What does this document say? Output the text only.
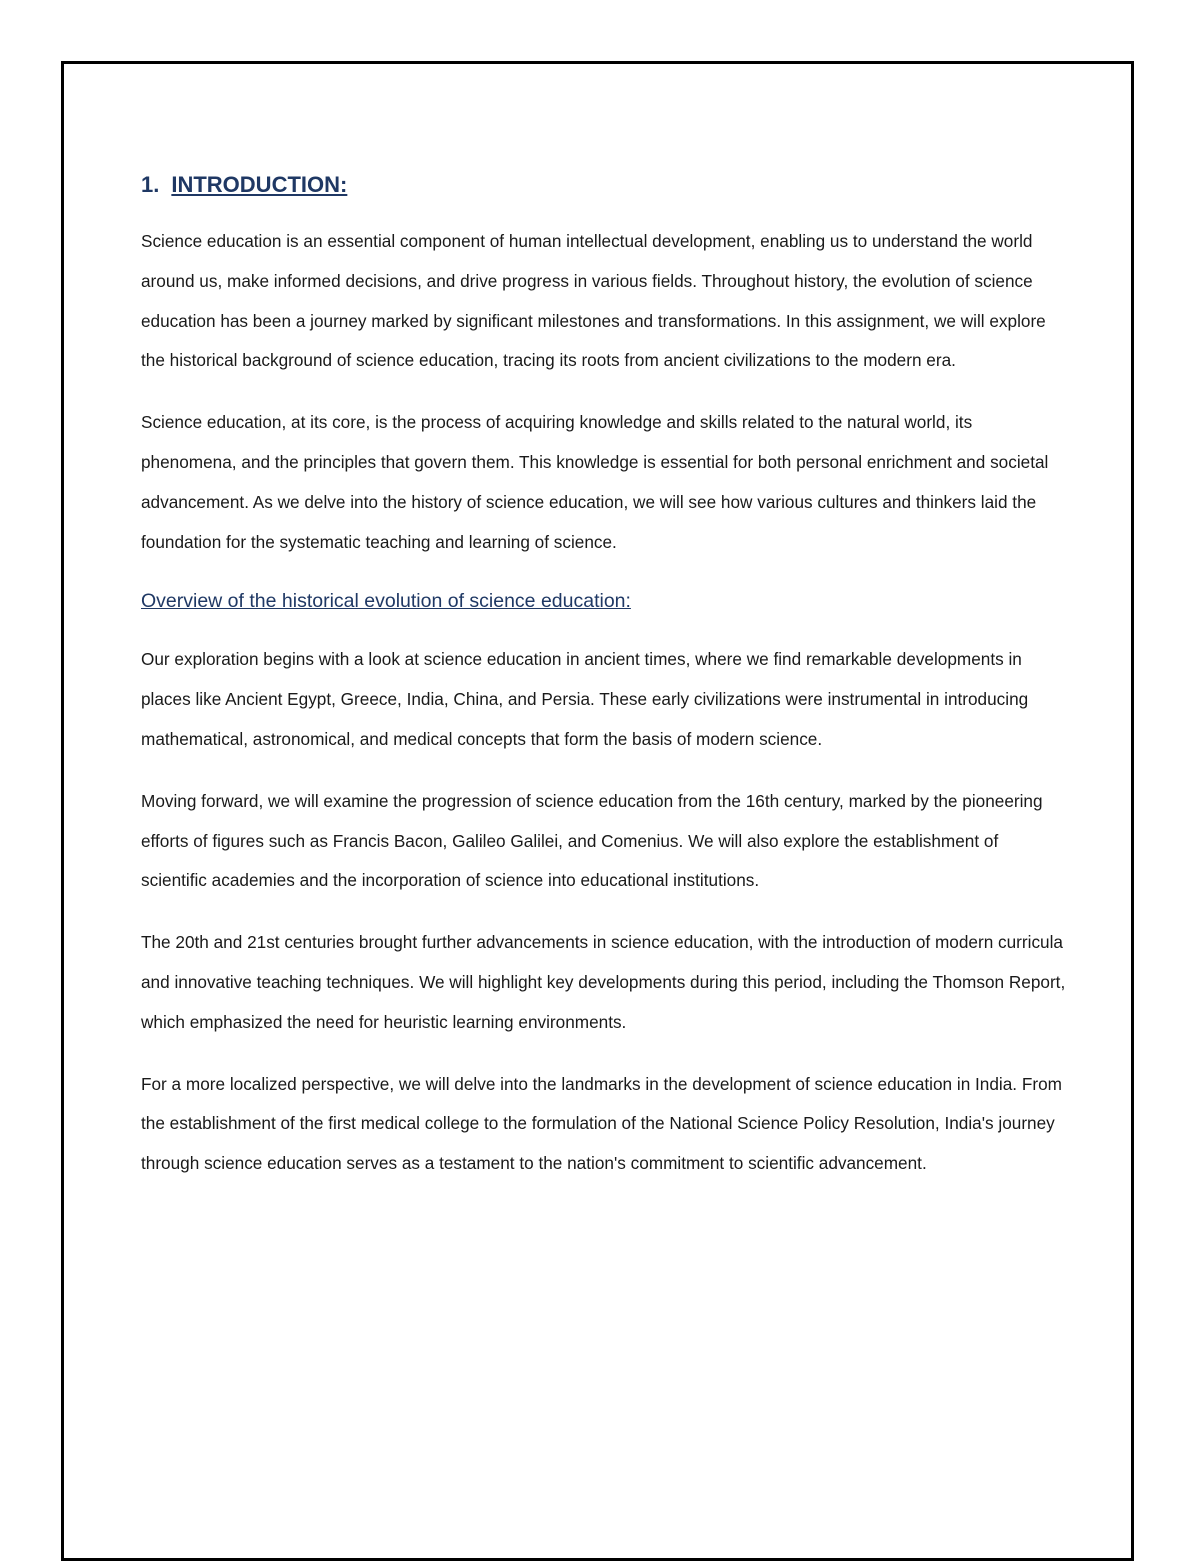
1. INTRODUCTION:

Science education is an essential component of human intellectual development, enabling us to understand the world around us, make informed decisions, and drive progress in various fields. Throughout history, the evolution of science education has been a journey marked by significant milestones and transformations. In this assignment, we will explore the historical background of science education, tracing its roots from ancient civilizations to the modern era.

Science education, at its core, is the process of acquiring knowledge and skills related to the natural world, its phenomena, and the principles that govern them. This knowledge is essential for both personal enrichment and societal advancement. As we delve into the history of science education, we will see how various cultures and thinkers laid the foundation for the systematic teaching and learning of science.

Overview of the historical evolution of science education:

Our exploration begins with a look at science education in ancient times, where we find remarkable developments in places like Ancient Egypt, Greece, India, China, and Persia. These early civilizations were instrumental in introducing mathematical, astronomical, and medical concepts that form the basis of modern science.

Moving forward, we will examine the progression of science education from the 16th century, marked by the pioneering efforts of figures such as Francis Bacon, Galileo Galilei, and Comenius. We will also explore the establishment of scientific academies and the incorporation of science into educational institutions.

The 20th and 21st centuries brought further advancements in science education, with the introduction of modern curricula and innovative teaching techniques. We will highlight key developments during this period, including the Thomson Report, which emphasized the need for heuristic learning environments.

For a more localized perspective, we will delve into the landmarks in the development of science education in India. From the establishment of the first medical college to the formulation of the National Science Policy Resolution, India's journey through science education serves as a testament to the nation's commitment to scientific advancement.
